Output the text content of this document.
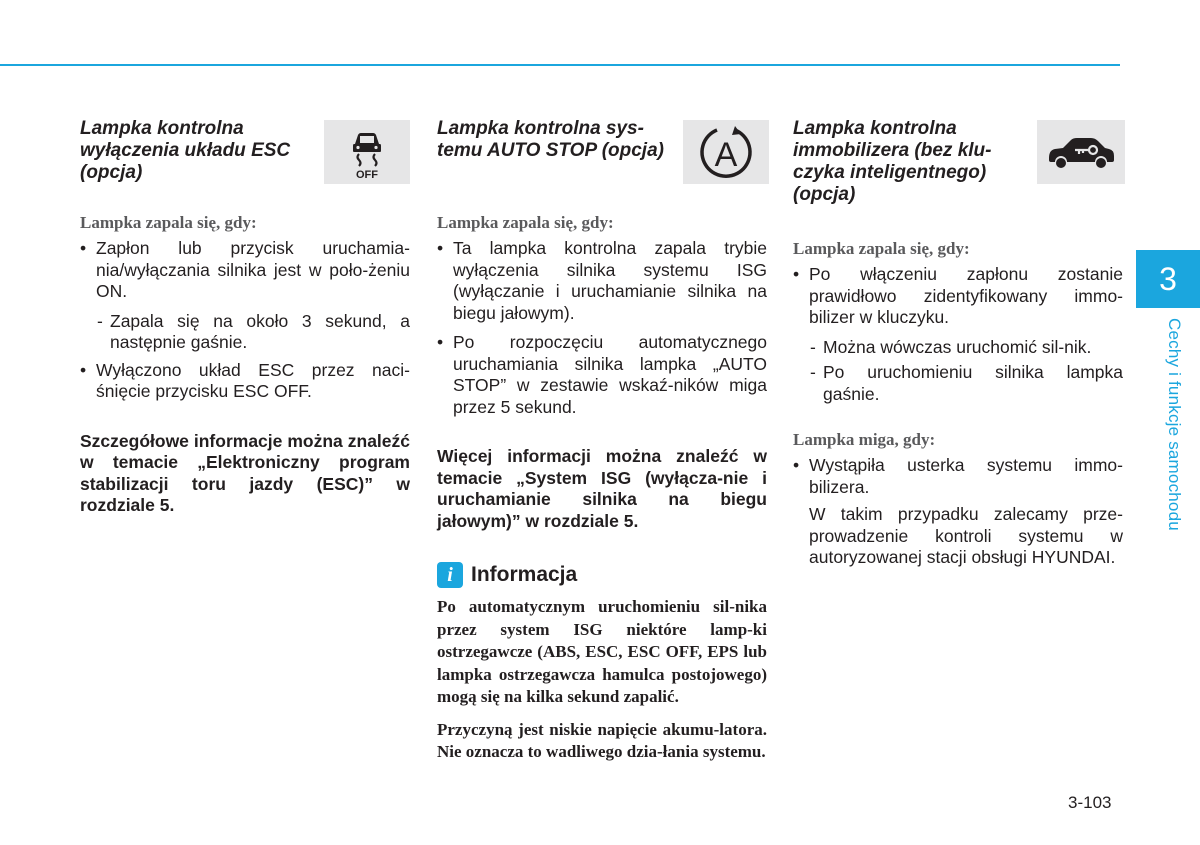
Lampka kontrolna wyłączenia układu ESC (opcja)	OFF
Lampka zapala się, gdy:
• Zapłon lub przycisk uruchamia-nia/wyłączania silnika jest w poło-żeniu ON.
- Zapala się na około 3 sekund, a następnie gaśnie.
• Wyłączono układ ESC przez naci-śnięcie przycisku ESC OFF.
Szczegółowe informacje można znaleźć w temacie „Elektroniczny program stabilizacji toru jazdy (ESC)” w rozdziale 5.
Lampka kontrolna sys-temu AUTO STOP (opcja)	A
Lampka zapala się, gdy:
• Ta lampka kontrolna zapala trybie wyłączenia silnika systemu ISG (wyłączanie i uruchamianie silnika na biegu jałowym).
• Po rozpoczęciu automatycznego uruchamiania silnika lampka „AUTO STOP” w zestawie wskaź-ników miga przez 5 sekund.
Więcej informacji można znaleźć w temacie „System ISG (wyłącza-nie i uruchamianie silnika na biegu jałowym)” w rozdziale 5.
i Informacja
Po automatycznym uruchomieniu sil-nika przez system ISG niektóre lamp-ki ostrzegawcze (ABS, ESC, ESC OFF, EPS lub lampka ostrzegawcza hamulca postojowego) mogą się na kilka sekund zapalić.
Przyczyną jest niskie napięcie akumu-latora. Nie oznacza to wadliwego dzia-łania systemu.
Lampka kontrolna immobilizera (bez klu-czyka inteligentnego) (opcja)
Lampka zapala się, gdy:
• Po włączeniu zapłonu zostanie prawidłowo zidentyfikowany immo-bilizer w kluczyku.
- Można wówczas uruchomić sil-nik.
- Po uruchomieniu silnika lampka gaśnie.
Lampka miga, gdy:
• Wystąpiła usterka systemu immo-bilizera.
W takim przypadku zalecamy prze-prowadzenie kontroli systemu w autoryzowanej stacji obsługi HYUNDAI.
3
Cechy i funkcje samochodu
3-103
